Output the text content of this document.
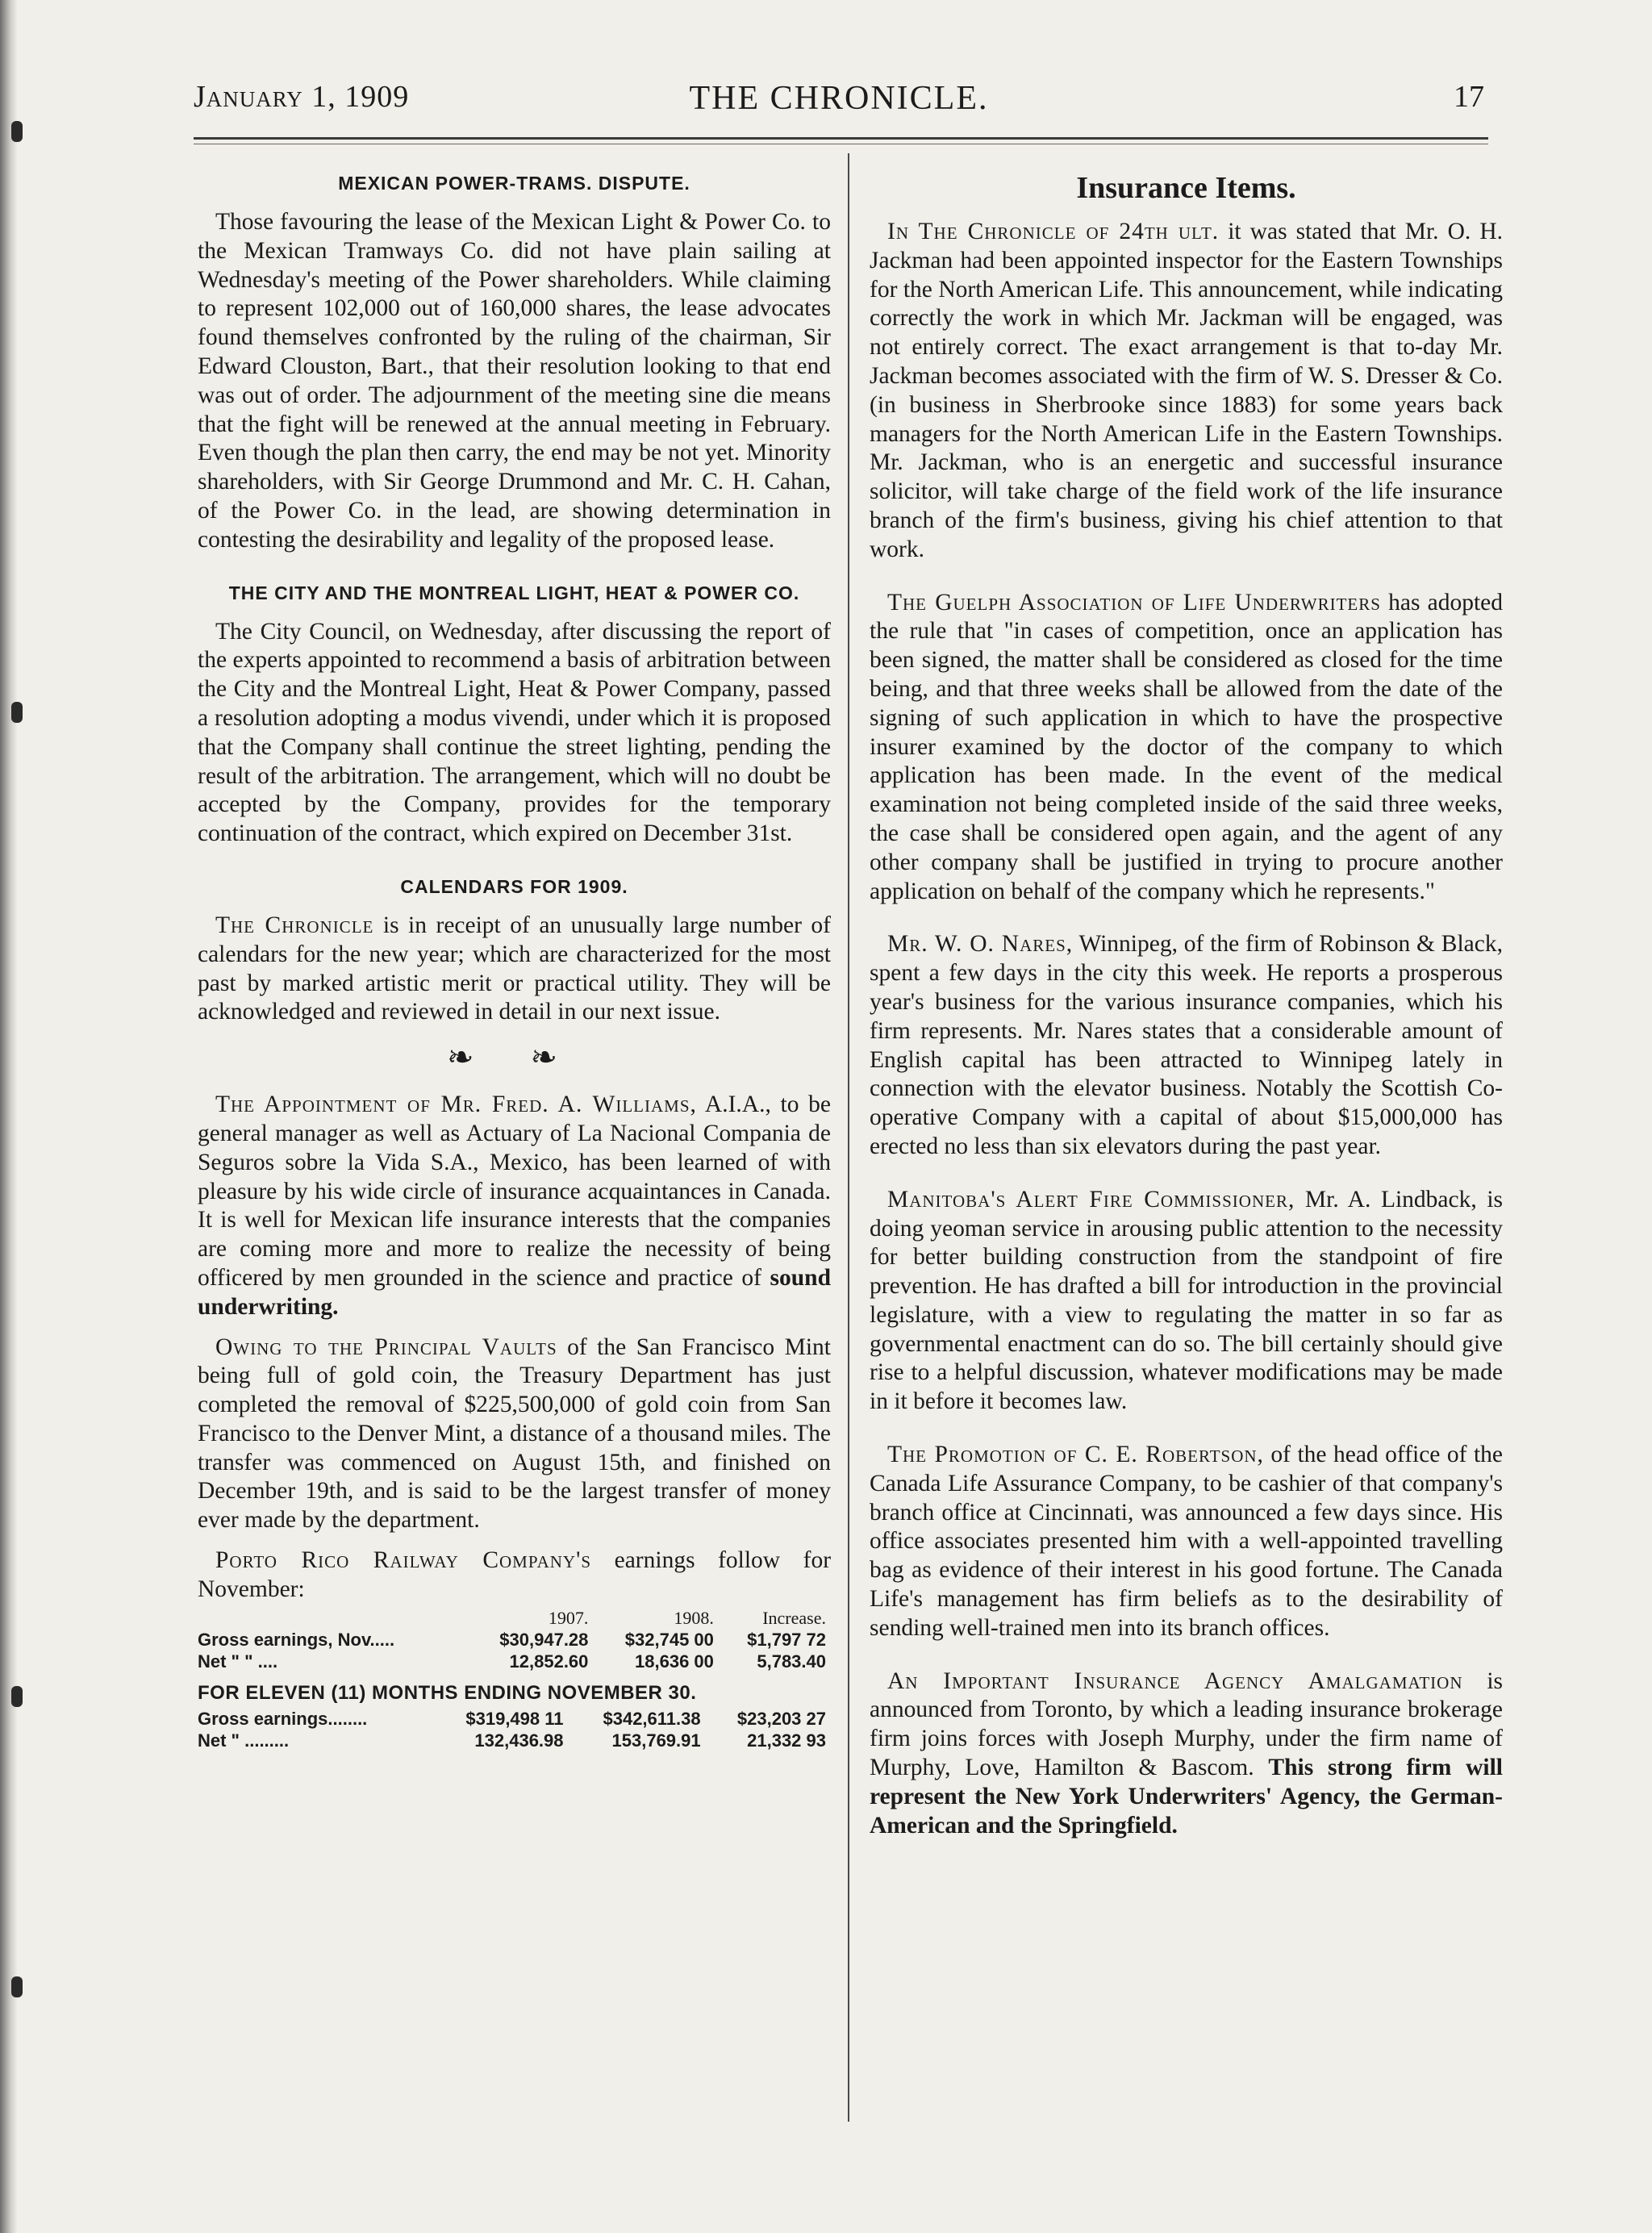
January 1, 1909	THE CHRONICLE.	17
MEXICAN POWER-TRAMS. DISPUTE.

Those favouring the lease of the Mexican Light & Power Co. to the Mexican Tramways Co. did not have plain sailing at Wednesday's meeting of the Power shareholders. While claiming to represent 102,000 out of 160,000 shares, the lease advocates found themselves confronted by the ruling of the chairman, Sir Edward Clouston, Bart., that their resolution looking to that end was out of order. The adjournment of the meeting sine die means that the fight will be renewed at the annual meeting in February. Even though the plan then carry, the end may be not yet. Minority shareholders, with Sir George Drummond and Mr. C. H. Cahan, of the Power Co. in the lead, are showing determination in contesting the desirability and legality of the proposed lease.

THE CITY AND THE MONTREAL LIGHT, HEAT & POWER CO.

The City Council, on Wednesday, after discussing the report of the experts appointed to recommend a basis of arbitration between the City and the Montreal Light, Heat & Power Company, passed a resolution adopting a modus vivendi, under which it is proposed that the Company shall continue the street lighting, pending the result of the arbitration. The arrangement, which will no doubt be accepted by the Company, provides for the temporary continuation of the contract, which expired on December 31st.

CALENDARS FOR 1909.

The Chronicle is in receipt of an unusually large number of calendars for the new year; which are characterized for the most past by marked artistic merit or practical utility. They will be acknowledged and reviewed in detail in our next issue.

❧ ❧

The Appointment of Mr. Fred. A. Williams, A.I.A., to be general manager as well as Actuary of La Nacional Compania de Seguros sobre la Vida S.A., Mexico, has been learned of with pleasure by his wide circle of insurance acquaintances in Canada. It is well for Mexican life insurance interests that the companies are coming more and more to realize the necessity of being officered by men grounded in the science and practice of sound underwriting.

Owing to the Principal Vaults of the San Francisco Mint being full of gold coin, the Treasury Department has just completed the removal of $225,500,000 of gold coin from San Francisco to the Denver Mint, a distance of a thousand miles. The transfer was commenced on August 15th, and finished on December 19th, and is said to be the largest transfer of money ever made by the department.

Porto Rico Railway Company's earnings follow for November:

	1907.	1908.	Increase.
Gross earnings, Nov.....	$30,947.28	$32,745 00	$1,797 72
Net " " ....	12,852.60	18,636 00	5,783.40
FOR ELEVEN (11) MONTHS ENDING NOVEMBER 30.
Gross earnings........	$319,498 11	$342,611.38	$23,203 27
Net " .........	132,436.98	153,769.91	21,332 93
Insurance Items.

In The Chronicle of 24th ult. it was stated that Mr. O. H. Jackman had been appointed inspector for the Eastern Townships for the North American Life. This announcement, while indicating correctly the work in which Mr. Jackman will be engaged, was not entirely correct. The exact arrangement is that to-day Mr. Jackman becomes associated with the firm of W. S. Dresser & Co. (in business in Sherbrooke since 1883) for some years back managers for the North American Life in the Eastern Townships. Mr. Jackman, who is an energetic and successful insurance solicitor, will take charge of the field work of the life insurance branch of the firm's business, giving his chief attention to that work.

The Guelph Association of Life Underwriters has adopted the rule that "in cases of competition, once an application has been signed, the matter shall be considered as closed for the time being, and that three weeks shall be allowed from the date of the signing of such application in which to have the prospective insurer examined by the doctor of the company to which application has been made. In the event of the medical examination not being completed inside of the said three weeks, the case shall be considered open again, and the agent of any other company shall be justified in trying to procure another application on behalf of the company which he represents."

Mr. W. O. Nares, Winnipeg, of the firm of Robinson & Black, spent a few days in the city this week. He reports a prosperous year's business for the various insurance companies, which his firm represents. Mr. Nares states that a considerable amount of English capital has been attracted to Winnipeg lately in connection with the elevator business. Notably the Scottish Co-operative Company with a capital of about $15,000,000 has erected no less than six elevators during the past year.

Manitoba's Alert Fire Commissioner, Mr. A. Lindback, is doing yeoman service in arousing public attention to the necessity for better building construction from the standpoint of fire prevention. He has drafted a bill for introduction in the provincial legislature, with a view to regulating the matter in so far as governmental enactment can do so. The bill certainly should give rise to a helpful discussion, whatever modifications may be made in it before it becomes law.

The Promotion of C. E. Robertson, of the head office of the Canada Life Assurance Company, to be cashier of that company's branch office at Cincinnati, was announced a few days since. His office associates presented him with a well-appointed travelling bag as evidence of their interest in his good fortune. The Canada Life's management has firm beliefs as to the desirability of sending well-trained men into its branch offices.

An Important Insurance Agency Amalgamation is announced from Toronto, by which a leading insurance brokerage firm joins forces with Joseph Murphy, under the firm name of Murphy, Love, Hamilton & Bascom. This strong firm will represent the New York Underwriters' Agency, the German-American and the Springfield.
